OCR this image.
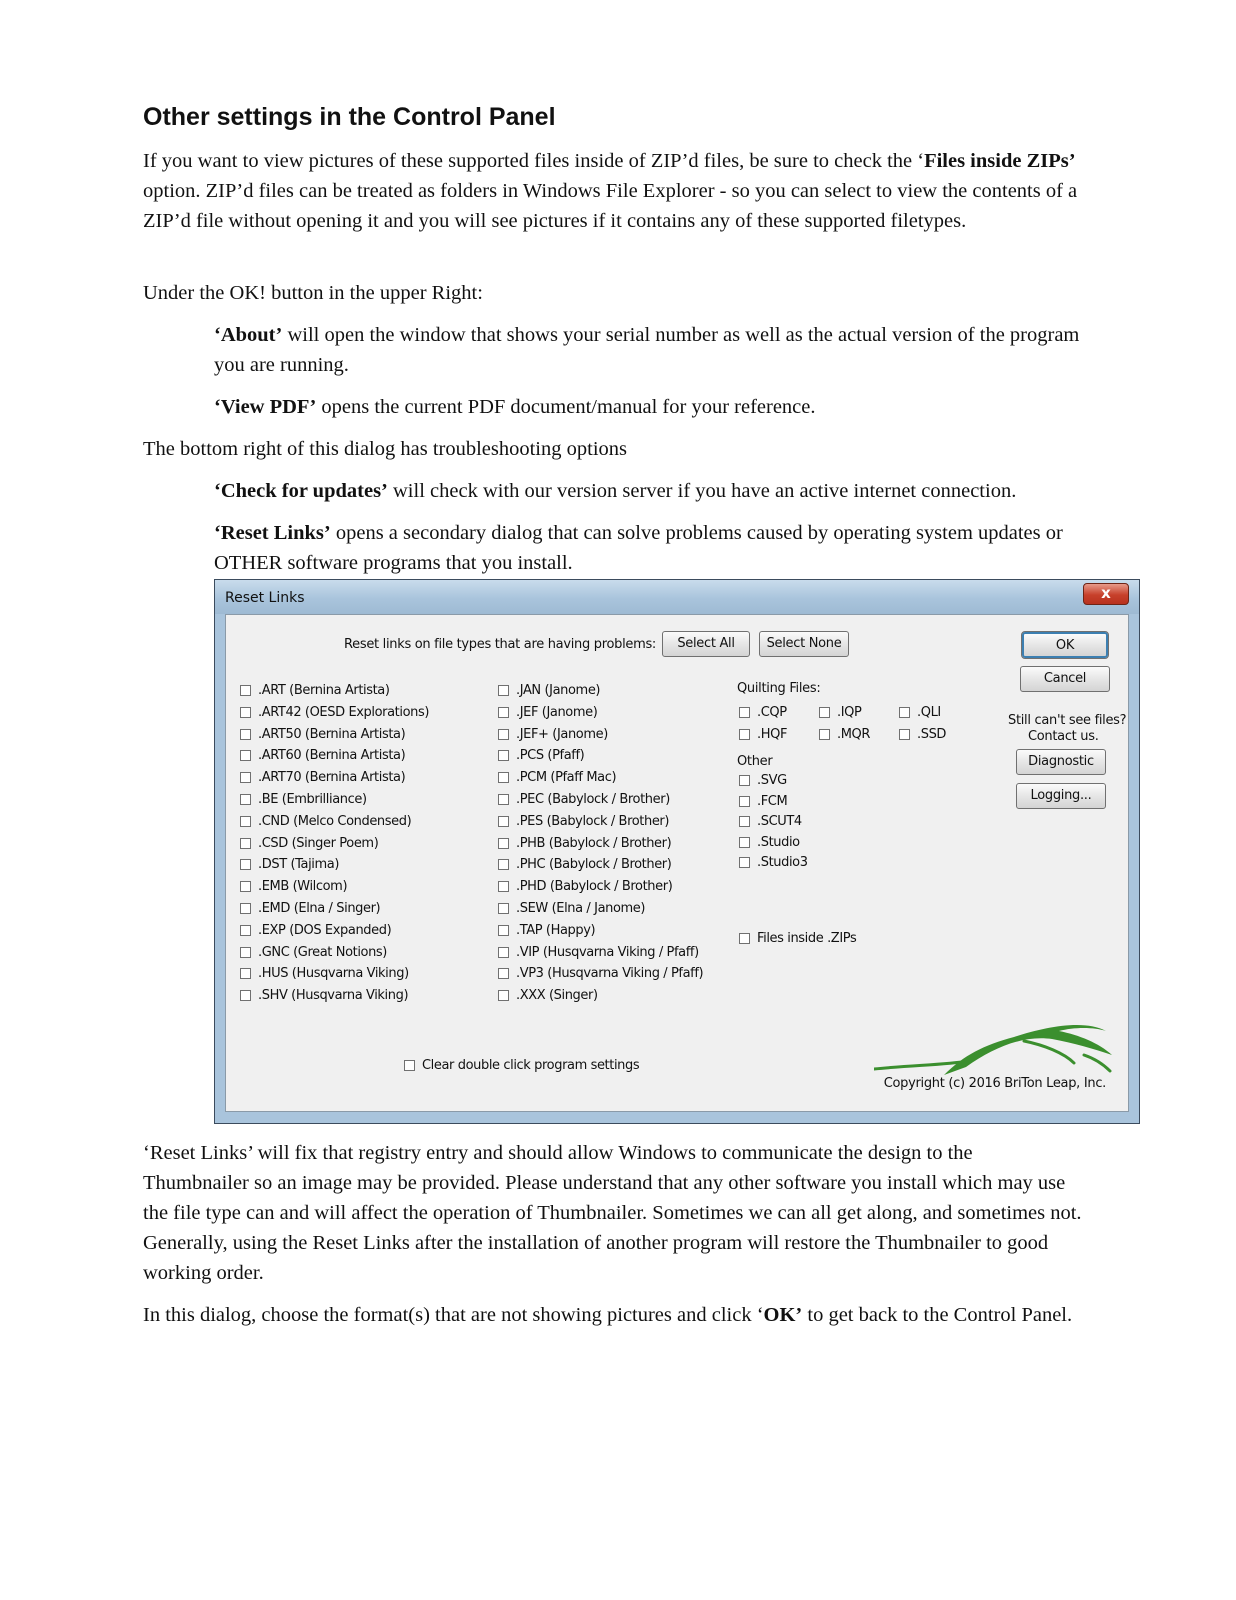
Other settings in the Control Panel

If you want to view pictures of these supported files inside of ZIP’d files, be sure to check the ‘Files inside ZIPs’ option. ZIP’d files can be treated as folders in Windows File Explorer - so you can select to view the contents of a ZIP’d file without opening it and you will see pictures if it contains any of these supported filetypes.

Under the OK! button in the upper Right:

‘About’ will open the window that shows your serial number as well as the actual version of the program you are running.

‘View PDF’ opens the current PDF document/manual for your reference.

The bottom right of this dialog has troubleshooting options

‘Check for updates’ will check with our version server if you have an active internet connection.

‘Reset Links’ opens a secondary dialog that can solve problems caused by operating system updates or OTHER software programs that you install.

Reset Links	x
Reset links on file types that are having problems:	Select All	Select None	OK
Cancel
Still can't see files?
Contact us.
Diagnostic
Logging...
.ART (Bernina Artista)
.ART42 (OESD Explorations)
.ART50 (Bernina Artista)
.ART60 (Bernina Artista)
.ART70 (Bernina Artista)
.BE (Embrilliance)
.CND (Melco Condensed)
.CSD (Singer Poem)
.DST (Tajima)
.EMB (Wilcom)
.EMD (Elna / Singer)
.EXP (DOS Expanded)
.GNC (Great Notions)
.HUS (Husqvarna Viking)
.SHV (Husqvarna Viking)
.JAN (Janome)
.JEF (Janome)
.JEF+ (Janome)
.PCS (Pfaff)
.PCM (Pfaff Mac)
.PEC (Babylock / Brother)
.PES (Babylock / Brother)
.PHB (Babylock / Brother)
.PHC (Babylock / Brother)
.PHD (Babylock / Brother)
.SEW (Elna / Janome)
.TAP (Happy)
.VIP (Husqvarna Viking / Pfaff)
.VP3 (Husqvarna Viking / Pfaff)
.XXX (Singer)
Quilting Files:
.CQP	.IQP	.QLI
.HQF	.MQR	.SSD
Other
.SVG
.FCM
.SCUT4
.Studio
.Studio3
Files inside .ZIPs
Clear double click program settings
Copyright (c) 2016 BriTon Leap, Inc.

‘Reset Links’ will fix that registry entry and should allow Windows to communicate the design to the Thumbnailer so an image may be provided. Please understand that any other software you install which may use the file type can and will affect the operation of Thumbnailer. Sometimes we can all get along, and sometimes not. Generally, using the Reset Links after the installation of another program will restore the Thumbnailer to good working order.

In this dialog, choose the format(s) that are not showing pictures and click ‘OK’ to get back to the Control Panel.
